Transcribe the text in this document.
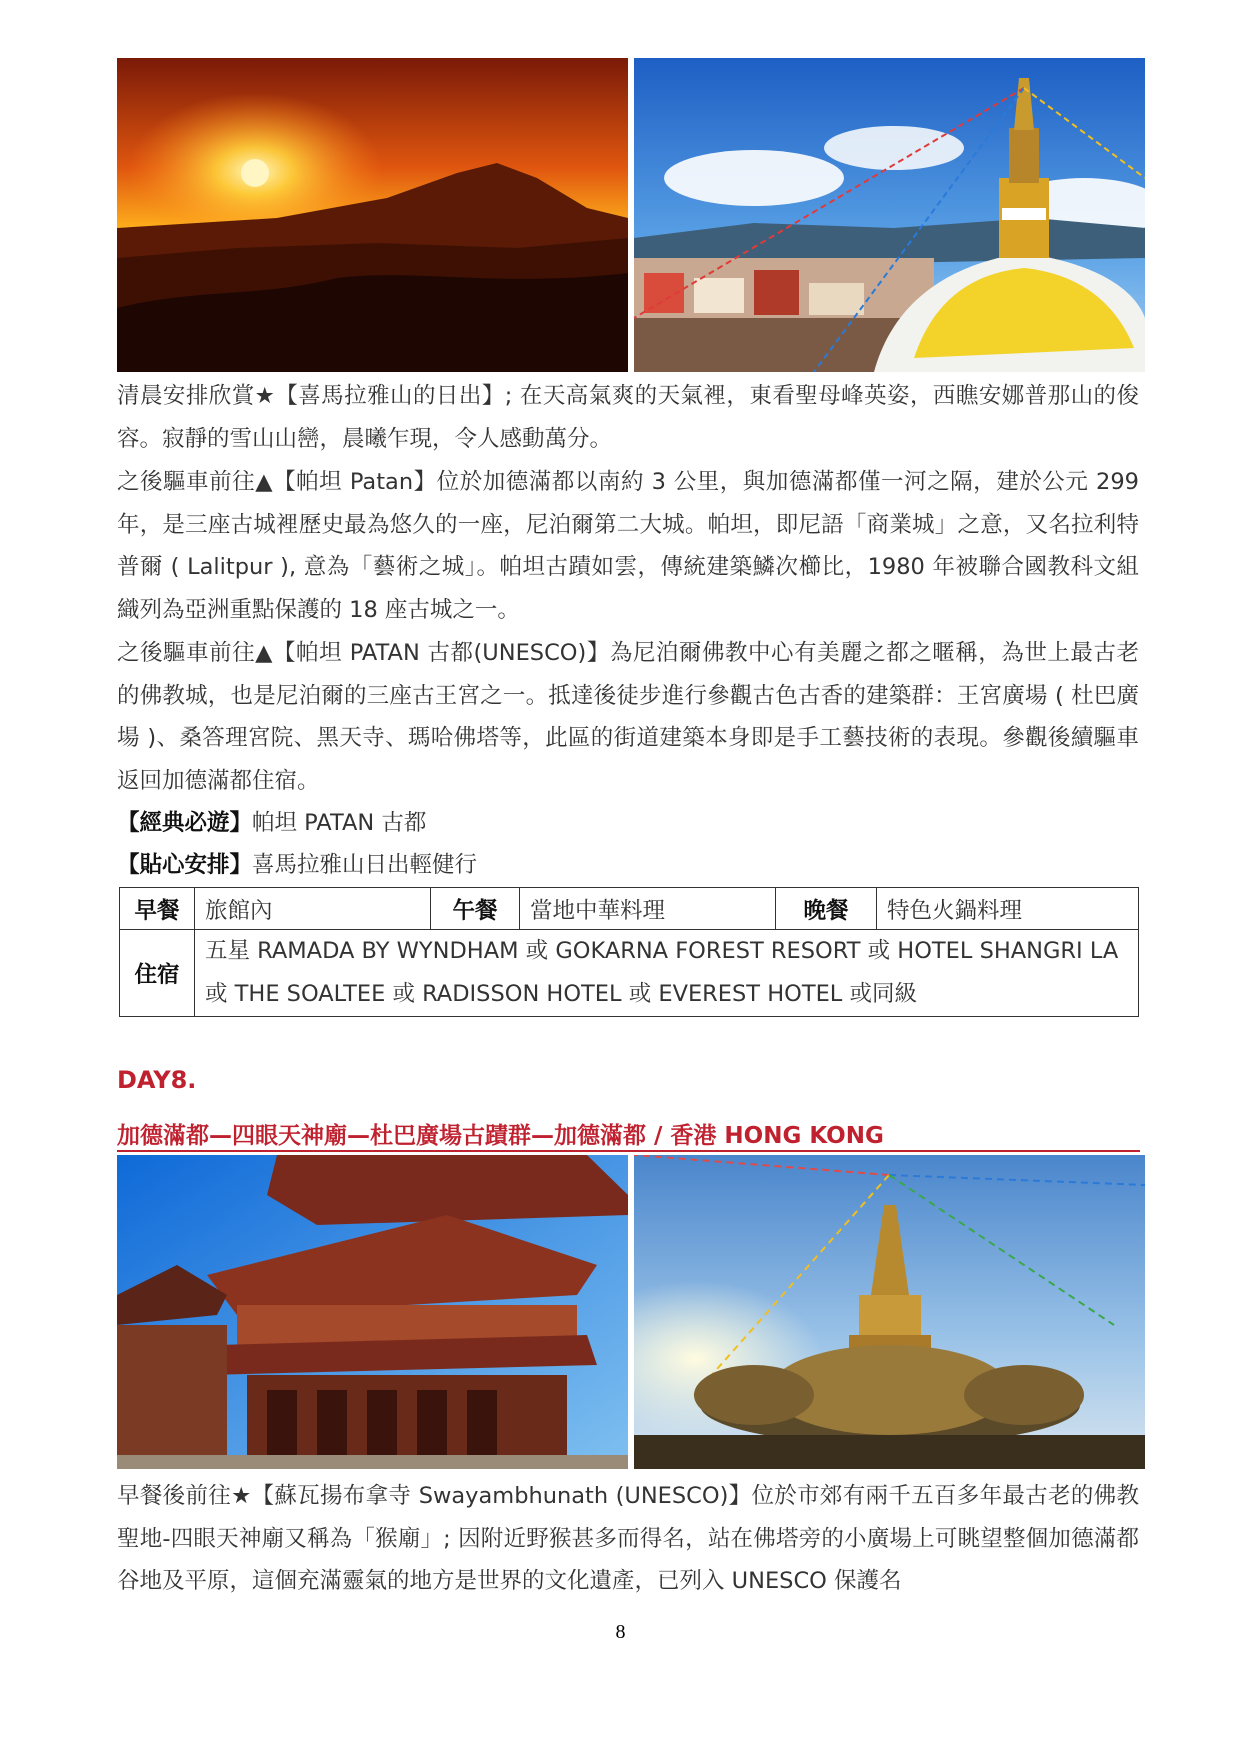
清晨安排欣賞★【喜馬拉雅山的日出】; 在天高氣爽的天氣裡，東看聖母峰英姿，西瞧安娜普那山的俊容。寂靜的雪山山巒，晨曦乍現，令人感動萬分。

之後驅車前往▲【帕坦 Patan】位於加德滿都以南約 3 公里，與加德滿都僅一河之隔，建於公元 299 年，是三座古城裡歷史最為悠久的一座，尼泊爾第二大城。帕坦，即尼語「商業城」之意，又名拉利特普爾 ( Lalitpur ), 意為「藝術之城」。帕坦古蹟如雲，傳統建築鱗次櫛比，1980 年被聯合國教科文組織列為亞洲重點保護的 18 座古城之一。

之後驅車前往▲【帕坦 PATAN 古都(UNESCO)】為尼泊爾佛教中心有美麗之都之暱稱，為世上最古老的佛教城，也是尼泊爾的三座古王宮之一。抵達後徒步進行參觀古色古香的建築群：王宮廣場 ( 杜巴廣場 )、桑答理宮院、黑天寺、瑪哈佛塔等，此區的街道建築本身即是手工藝技術的表現。參觀後續驅車返回加德滿都住宿。

【經典必遊】帕坦 PATAN 古都

【貼心安排】喜馬拉雅山日出輕健行

早餐	旅館內	午餐	當地中華料理	晚餐	特色火鍋料理
住宿	五星 RAMADA BY WYNDHAM 或 GOKARNA FOREST RESORT 或 HOTEL SHANGRI LA 或 THE SOALTEE 或 RADISSON HOTEL 或 EVEREST HOTEL 或同級				

DAY8.

加德滿都—四眼天神廟—杜巴廣場古蹟群—加德滿都 / 香港 HONG KONG

早餐後前往★【蘇瓦揚布拿寺 Swayambhunath (UNESCO)】位於市郊有兩千五百多年最古老的佛教聖地-四眼天神廟又稱為「猴廟」; 因附近野猴甚多而得名，站在佛塔旁的小廣場上可眺望整個加德滿都谷地及平原，這個充滿靈氣的地方是世界的文化遺產，已列入 UNESCO 保護名

8
